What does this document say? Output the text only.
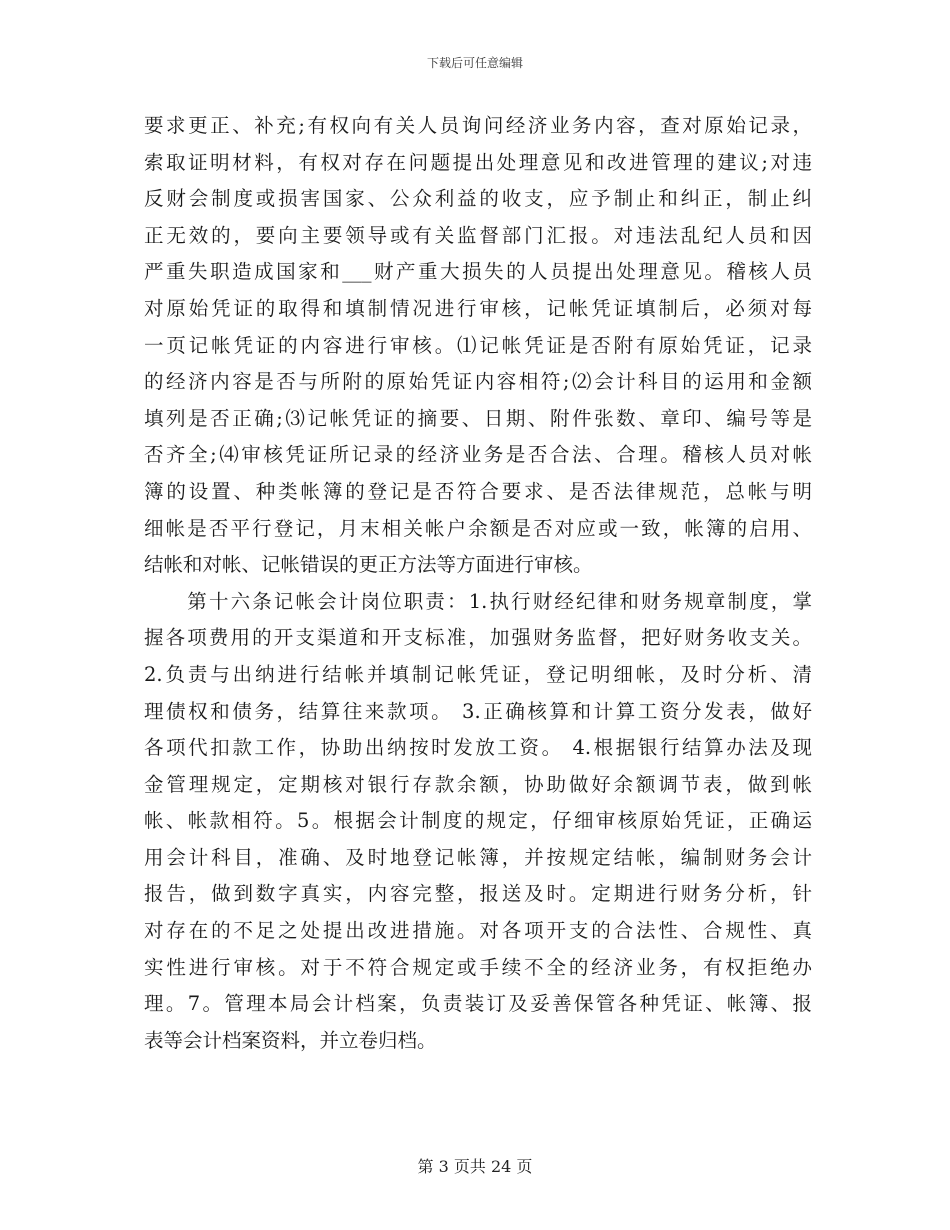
下载后可任意编辑
要求更正、补充;有权向有关人员询问经济业务内容，查对原始记录，
索取证明材料，有权对存在问题提出处理意见和改进管理的建议;对违
反财会制度或损害国家、公众利益的收支，应予制止和纠正，制止纠
正无效的，要向主要领导或有关监督部门汇报。对违法乱纪人员和因
严重失职造成国家和___财产重大损失的人员提出处理意见。稽核人员
对原始凭证的取得和填制情况进行审核，记帐凭证填制后，必须对每
一页记帐凭证的内容进行审核。⑴记帐凭证是否附有原始凭证，记录
的经济内容是否与所附的原始凭证内容相符;⑵会计科目的运用和金额
填列是否正确;⑶记帐凭证的摘要、日期、附件张数、章印、编号等是
否齐全;⑷审核凭证所记录的经济业务是否合法、合理。稽核人员对帐
簿的设置、种类帐簿的登记是否符合要求、是否法律规范，总帐与明
细帐是否平行登记，月末相关帐户余额是否对应或一致，帐簿的启用、
结帐和对帐、记帐错误的更正方法等方面进行审核。
　　第十六条记帐会计岗位职责：1.执行财经纪律和财务规章制度，掌
握各项费用的开支渠道和开支标准，加强财务监督，把好财务收支关。
2.负责与出纳进行结帐并填制记帐凭证，登记明细帐，及时分析、清
理债权和债务，结算往来款项。 3.正确核算和计算工资分发表，做好
各项代扣款工作，协助出纳按时发放工资。 4.根据银行结算办法及现
金管理规定，定期核对银行存款余额，协助做好余额调节表，做到帐
帐、帐款相符。5。根据会计制度的规定，仔细审核原始凭证，正确运
用会计科目，准确、及时地登记帐簿，并按规定结帐，编制财务会计
报告，做到数字真实，内容完整，报送及时。定期进行财务分析，针
对存在的不足之处提出改进措施。对各项开支的合法性、合规性、真
实性进行审核。对于不符合规定或手续不全的经济业务，有权拒绝办
理。7。管理本局会计档案，负责装订及妥善保管各种凭证、帐簿、报
表等会计档案资料，并立卷归档。
第 3 页共 24 页
